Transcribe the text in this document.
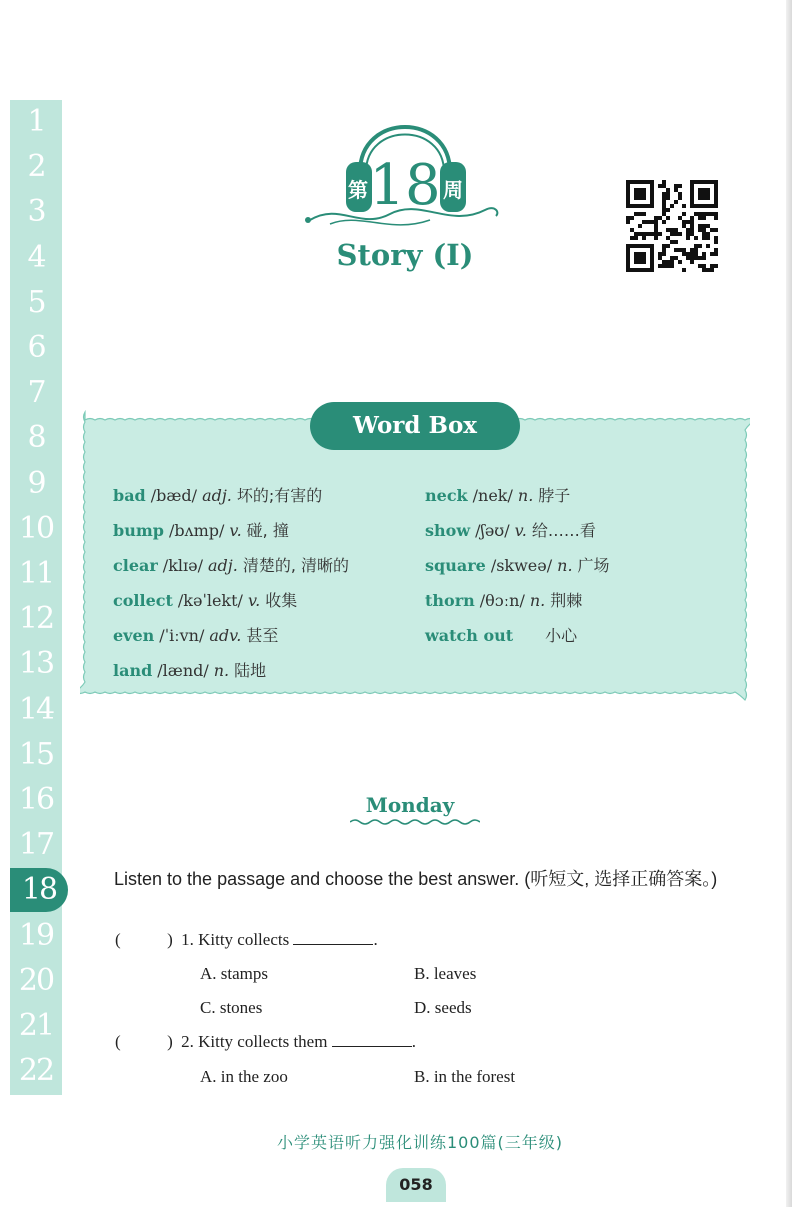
1
2
3
4
5
6
7
8
9
10
11
12
13
14
15
16
17
18
19
20
21
22
第 18 周
Story (I)
Word Box
bad /bæd/ adj. 坏的;有害的
bump /bʌmp/ v. 碰, 撞
clear /klɪə/ adj. 清楚的, 清晰的
collect /kəˈlekt/ v. 收集
even /ˈiːvn/ adv. 甚至
land /lænd/ n. 陆地
neck /nek/ n. 脖子
show /ʃəʊ/ v. 给……看
square /skweə/ n. 广场
thorn /θɔːn/ n. 荆棘
watch out 小心
Monday
Listen to the passage and choose the best answer. (听短文, 选择正确答案。)
(	) 1. Kitty collects	.
A. stamps	B. leaves
C. stones	D. seeds
(	) 2. Kitty collects them	.
A. in the zoo	B. in the forest
小学英语听力强化训练100篇(三年级)
058
